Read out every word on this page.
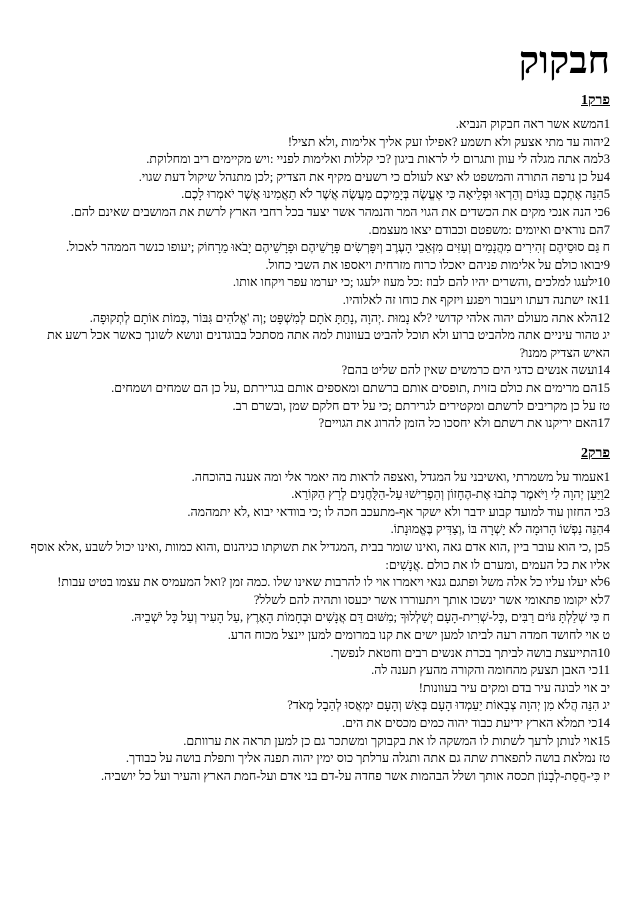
חבקוק
פרק1

1המשא אשר ראה חבקוק הנביא.

2יהוה עד מתי אצעק ולא תשמע ?אפילו זעק אליך אלימות ,ולא תציל!

3למה אתה מגלה לי עוון ותגרום לי לראות ביגון ?כי קללות ואלימות לפניי :ויש מקיימים ריב ומחלוקת.

4על כן נרפה התורה והמשפט לא יצא לעולם כי רשעים מקיף את הצדיק ;לכן מתנהל שיקול דעת שגוי.

5הִנֵּה אֶתְכֶם בַּגּוֹיִם וְהַרְאוּ וּפְלֵיאָה כִּי אֶעֱשֶׂה בְּיָמֵיכֶם מַעֲשֶׂה אֲשֶׁר לֹא תַאֲמִינוּ אֲשֶׁר יֹאמְרוּ לָכֶם.

6כי הנה אנכי מקים את הכשדים את הגוי המר והנמהר אשר יצעד בכל רחבי הארץ לרשת את המושבים שאינם להם.

7הם נוראים ואיומים :משפטם וכבודם יצאו מעצמם.

ח גַּם סוּסֵיהֶם זְהִירִים מִהֲנָמֵים וְעַזִּים מִזְּאֵבֵי הָעֶרֶב וְיִפָּרְשִׂים פָּרָשֵׁיהֶם וּפָרָשֵׁיהֶם יָבֹאוּ מֵרָחוֹק ;יעופו כנשר הממהר לאכול.

9יבואו כולם על אלימות פניהם יאכלו כרוח מזרחית ויאספו את השבי כחול.

10ילעגו למלכים ,והשרים יהיו להם לבוז :כל מעוז ילעגו ;כי יערמו עפר ויקחו אותו.

11אז ישתנה דעתו ויעבור ויפגע ויזקף את כוחו זה לאלוהיו.

12הלא אתה מעולם יהוה אלהי קדושי ?לֹא נָמוּת .יְהוָה ,נָתַתָּ אֹתָם לְמִשְׁפָּט ;וְה 'אֱלֹהִים גִּבּוֹר ,כְּמוֹת אוֹתָם לְתְקוּפָה.

יג טהור עיניים אתה מלהביט ברוע ולא תוכל להביט בעוונות למה אתה מסתכל בבוגדנים ונושא לשונך כאשר אכל רשע את האיש הצדיק ממנו?

14ועשה אנשים כדגי הים כרמשים שאין להם שליט בהם?

15הם מרימים את כולם בזוית ,תופסים אותם ברשתם ומאספים אותם בגרירתם ,על כן הם שמחים ושמחים.

טז על כן מקריבים לרשתם ומקטירים לגרירתם ;כי על ידם חלקם שמן ,ובשרם רב.

17האם יריקנו את רשתם ולא יחסכו כל הזמן להרוג את הגויים?

פרק2

1אעמוד על משמרתי ,ואשיבני על המגדל ,ואצפה לראות מה יאמר אלי ומה אענה בהוכחה.

2וַיַּעַן יְהוָה לִי וַיֹּאמֶר כְּתֹבוּ אֶת-הֶחָזוֹן וְהַפְרִישׁוּ עַל-הַלֻּחֲנִים לְרָץ הַקּוֹרֵא.

3כי החזון עוד למועד קבוע ידבר ולא ישקר אף-מתעכב חכה לו ;כי בוודאי יבוא ,לא יתמהמה.

4הִנֵּה נַפְשׁוֹ הָרוּמָה לֹא יָשְׁרָה בּוֹ ,וְצַדִּיק בֶּאֱמוּנָתוֹ.

5כן ,כי הוא עובר ביין ,הוא אדם גאה ,ואינו שומר בבית ,המגדיל את תשוקתו כגיהנום ,והוא כמוות ,ואינו יכול לשבע ,אלא אוסף אליו את כל העמים ,ומערם לו את כולם .אֲנָשִׁים:

6לא יעלו עליו כל אלה משל ופתגם גנאי ויאמרו אוי לו להרבות שאינו שלו .כמה זמן ?ואל המעמיס את עצמו בטיט עבות!

7לא יקומו פתאומי אשר ינשכו אותך ויתעוררו אשר יכעסו ותהיה להם לשלל?

ח כִּי שְׁלַלְתָּ גּוֹיִם רַבִּים ,כָּל-שְׁרִית-הָעָם יְשַׁלְלוּךָ ;מִשּׁוּם דַּם אֲנָשִׁים וּבְחָמוֹת הָאָרֶץ ,עַל הָעִיר וְעַל כָּל יֹשְׁבֵיהּ.

ט אוי לחושד חמדה רעה לביתו למען ישים את קנו במרומים למען יינצל מכוח הרע.

10התייעצת בושה לביתך בכרת אנשים רבים וחטאת לנפשך.

11כי האבן תצעק מהחומה והקורה מהעץ תענה לה.

יב אוי לבונה עיר בדם ומקים עיר בעוונות!

יג הִנֵּה הֲלֹא מִן יְהוָה צְבָאוֹת יַעַמְדוּ הָעָם בְּאֵשׁ וְהָעָם יִמְאֲסוּ לְהַבָל מְאֹד?

14כי תמלא הארץ ידיעת כבוד יהוה כמים מכסים את הים.

15אוי לנותן לרעך לשתות לו המשקה לו את בקבוקך ומשתכר גם כן למען תראה את ערוותם.

טז נמלאת בושה לתפארת שתה גם אתה ותגלה ערלתך כוס ימין יהוה תפנה אליך ותפלת בושה על כבודך.

יז כִּי-חֲסַת-לְבָנוֹן תכסה אותך ושלל הבהמות אשר פחדה על-דם בני אדם ועל-חמת הארץ והעיר ועל כל יושביה.
